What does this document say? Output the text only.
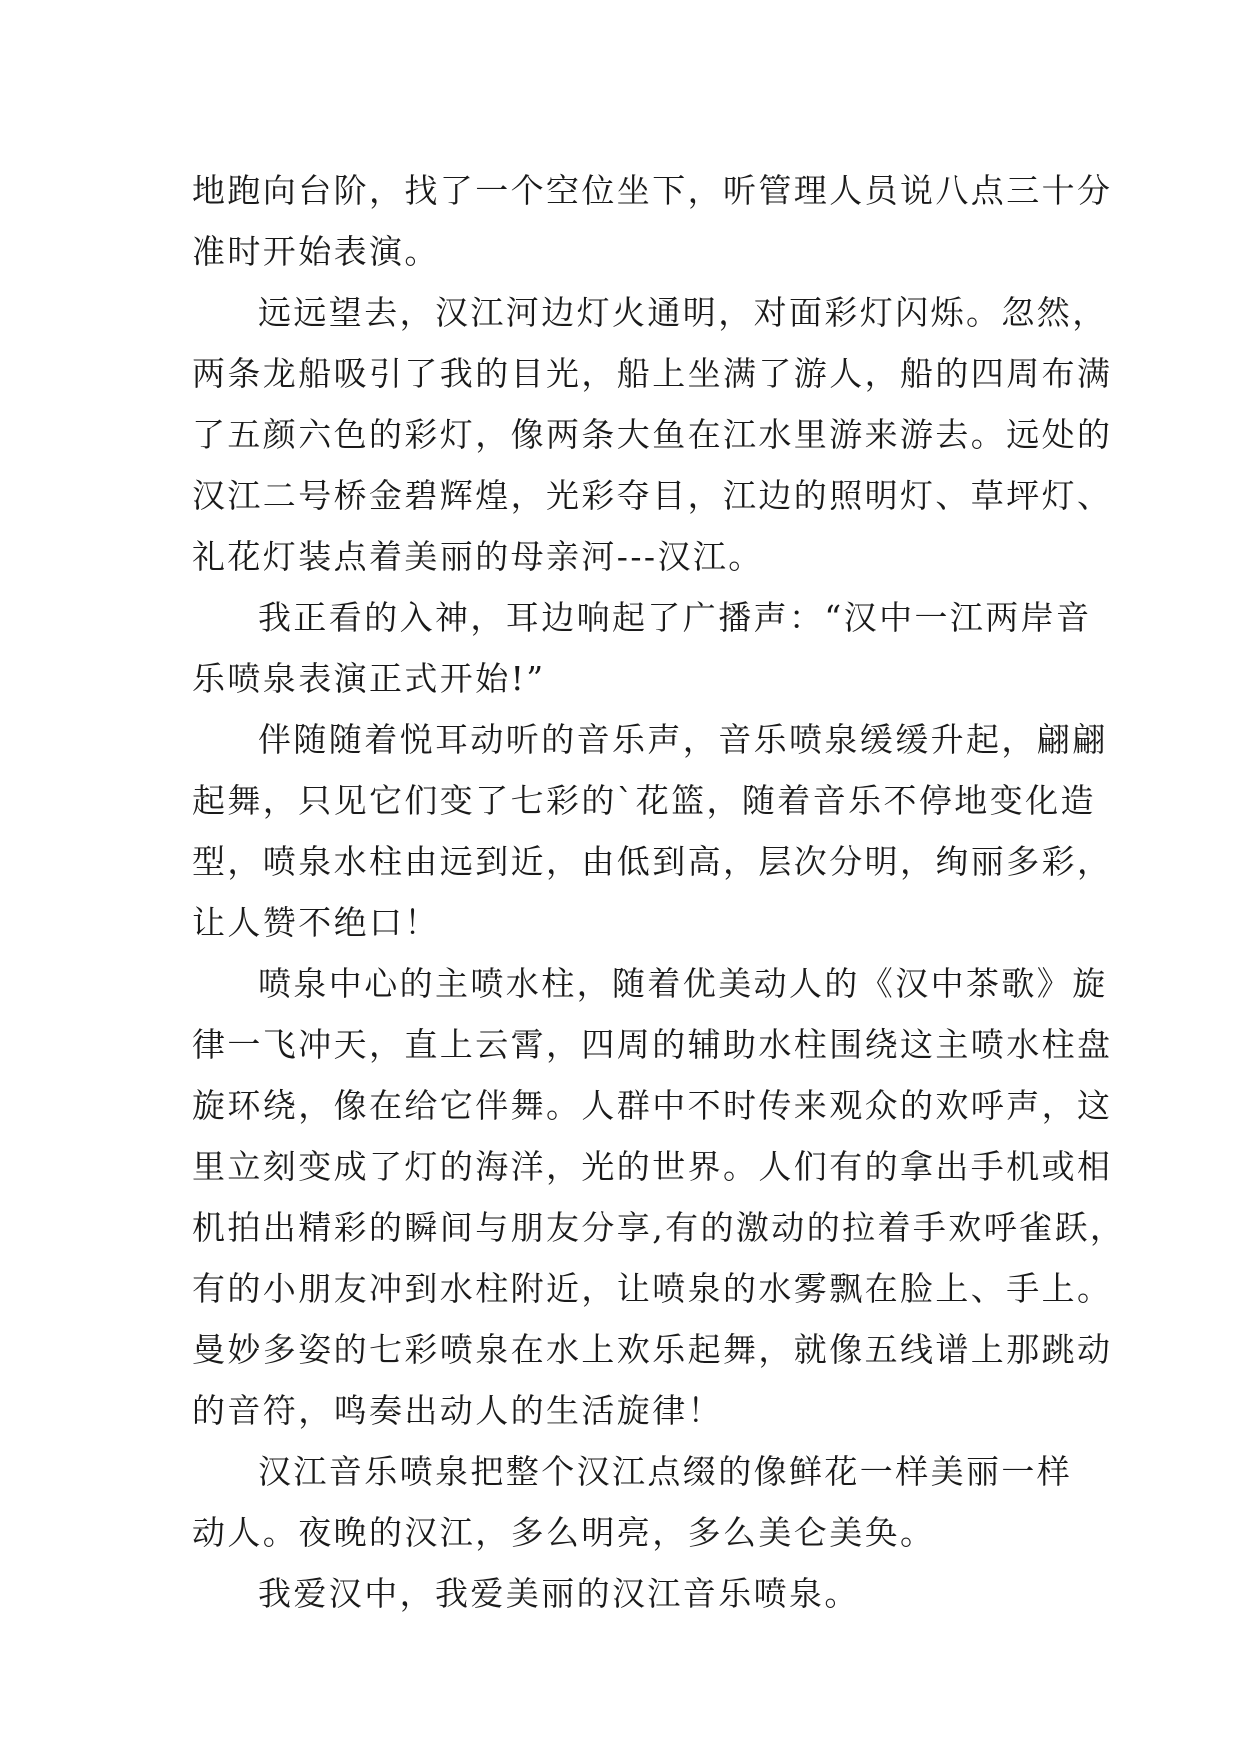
地跑向台阶，找了一个空位坐下，听管理人员说八点三十分
准时开始表演。

远远望去，汉江河边灯火通明，对面彩灯闪烁。忽然，
两条龙船吸引了我的目光，船上坐满了游人，船的四周布满
了五颜六色的彩灯，像两条大鱼在江水里游来游去。远处的
汉江二号桥金碧辉煌，光彩夺目，江边的照明灯、草坪灯、
礼花灯装点着美丽的母亲河---汉江。

我正看的入神，耳边响起了广播声：“汉中一江两岸音
乐喷泉表演正式开始!”

伴随随着悦耳动听的音乐声，音乐喷泉缓缓升起，翩翩
起舞，只见它们变了七彩的`花篮，随着音乐不停地变化造
型，喷泉水柱由远到近，由低到高，层次分明，绚丽多彩，
让人赞不绝口！

喷泉中心的主喷水柱，随着优美动人的《汉中茶歌》旋
律一飞冲天，直上云霄，四周的辅助水柱围绕这主喷水柱盘
旋环绕，像在给它伴舞。人群中不时传来观众的欢呼声，这
里立刻变成了灯的海洋，光的世界。人们有的拿出手机或相
机拍出精彩的瞬间与朋友分享,有的激动的拉着手欢呼雀跃，
有的小朋友冲到水柱附近，让喷泉的水雾飘在脸上、手上。
曼妙多姿的七彩喷泉在水上欢乐起舞，就像五线谱上那跳动
的音符，鸣奏出动人的生活旋律！

汉江音乐喷泉把整个汉江点缀的像鲜花一样美丽一样
动人。夜晚的汉江，多么明亮，多么美仑美奂。

我爱汉中，我爱美丽的汉江音乐喷泉。
